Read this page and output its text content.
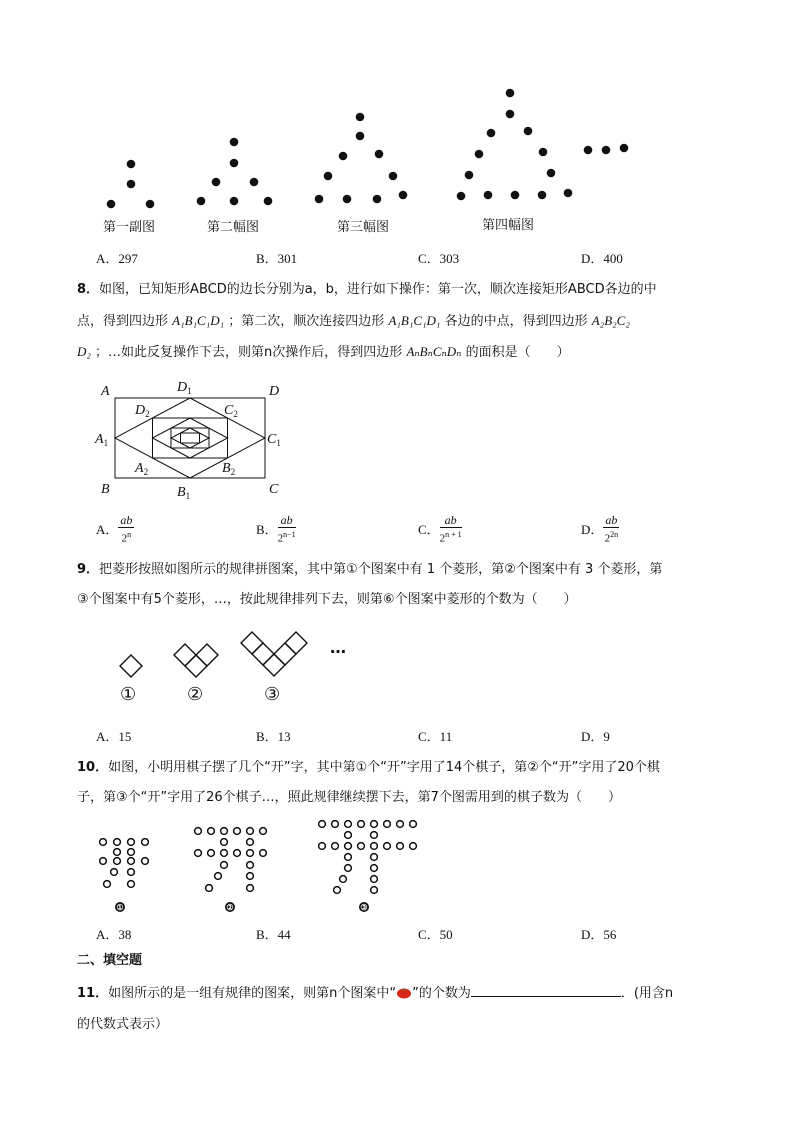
第一副图	第二幅图	第三幅图	第四幅图
A．297	B．301	C．303	D．400
8．如图，已知矩形ABCD的边长分别为a，b，进行如下操作：第一次，顺次连接矩形ABCD各边的中
点，得到四边形 A₁B₁C₁D₁ ；第二次，顺次连接四边形 A₁B₁C₁D₁ 各边的中点，得到四边形 A₂B₂C₂
D₂ ；…如此反复操作下去，则第n次操作后，得到四边形 AₙBₙCₙDₙ 的面积是（　　）
A	D
B	C
$D_1$
$B_1$
$A_1$	$C_1$
$D_2$	$C_2$
$A_2$	$B_2$
A． $\frac{ab}{2^n}$	B． $\frac{ab}{2^{n-1}}$	C． $\frac{ab}{2^{n + 1}}$	D． $\frac{ab}{2^{2n}}$
9．把菱形按照如图所示的规律拼图案，其中第①个图案中有 1 个菱形，第②个图案中有 3 个菱形，第
③个图案中有5个菱形，…，按此规律排列下去，则第⑥个图案中菱形的个数为（　　）
…
①	②	③
A．15	B．13	C．11	D．9
10．如图，小明用棋子摆了几个“开”字，其中第①个“开”字用了14个棋子，第②个“开”字用了20个棋
子，第③个“开”字用了26个棋子…，照此规律继续摆下去，第7个图需用到的棋子数为（　　）
①	②	③
A．38	B．44	C．50	D．56
二、填空题
11．如图所示的是一组有规律的图案，则第n个图案中“ ”的个数为	．(用含n
的代数式表示）
